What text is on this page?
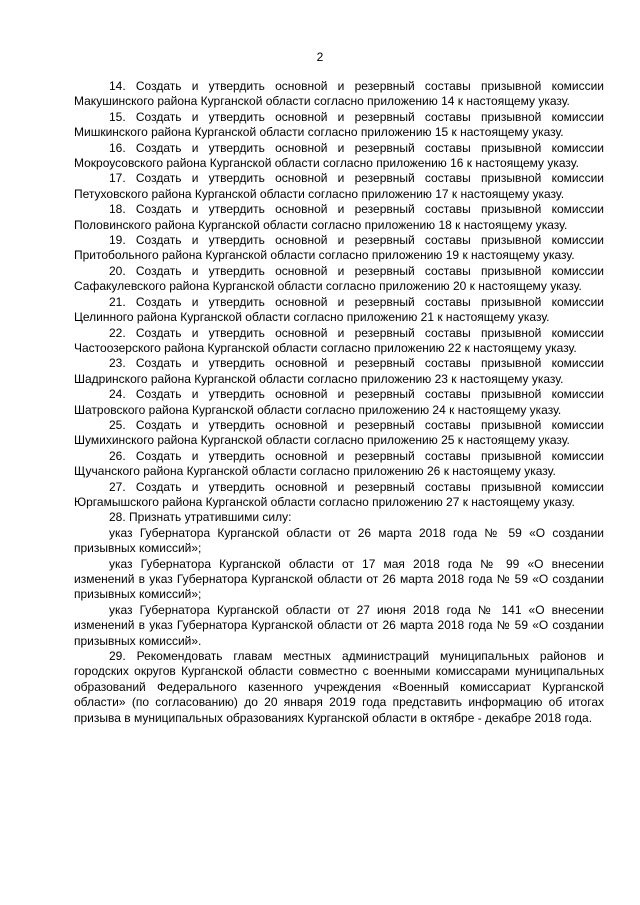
2

14. Создать и утвердить основной и резервный составы призывной комиссии Макушинского района Курганской области согласно приложению 14 к настоящему указу.

15. Создать и утвердить основной и резервный составы призывной комиссии Мишкинского района Курганской области согласно приложению 15 к настоящему указу.

16. Создать и утвердить основной и резервный составы призывной комиссии Мокроусовского района Курганской области согласно приложению 16 к настоящему указу.

17. Создать и утвердить основной и резервный составы призывной комиссии Петуховского района Курганской области согласно приложению 17 к настоящему указу.

18. Создать и утвердить основной и резервный составы призывной комиссии Половинского района Курганской области согласно приложению 18 к настоящему указу.

19. Создать и утвердить основной и резервный составы призывной комиссии Притобольного района Курганской области согласно приложению 19 к настоящему указу.

20. Создать и утвердить основной и резервный составы призывной комиссии Сафакулевского района Курганской области согласно приложению 20 к настоящему указу.

21. Создать и утвердить основной и резервный составы призывной комиссии Целинного района Курганской области согласно приложению 21 к настоящему указу.

22. Создать и утвердить основной и резервный составы призывной комиссии Частоозерского района Курганской области согласно приложению 22 к настоящему указу.

23. Создать и утвердить основной и резервный составы призывной комиссии Шадринского района Курганской области согласно приложению 23 к настоящему указу.

24. Создать и утвердить основной и резервный составы призывной комиссии Шатровского района Курганской области согласно приложению 24 к настоящему указу.

25. Создать и утвердить основной и резервный составы призывной комиссии Шумихинского района Курганской области согласно приложению 25 к настоящему указу.

26. Создать и утвердить основной и резервный составы призывной комиссии Щучанского района Курганской области согласно приложению 26 к настоящему указу.

27. Создать и утвердить основной и резервный составы призывной комиссии Юргамышского района Курганской области согласно приложению 27 к настоящему указу.

28. Признать утратившими силу:

указ Губернатора Курганской области от 26 марта 2018 года № 59 «О создании призывных комиссий»;

указ Губернатора Курганской области от 17 мая 2018 года № 99 «О внесении изменений в указ Губернатора Курганской области от 26 марта 2018 года № 59 «О создании призывных комиссий»;

указ Губернатора Курганской области от 27 июня 2018 года № 141 «О внесении изменений в указ Губернатора Курганской области от 26 марта 2018 года № 59 «О создании призывных комиссий».

29. Рекомендовать главам местных администраций муниципальных районов и городских округов Курганской области совместно с военными комиссарами муниципальных образований Федерального казенного учреждения «Военный комиссариат Курганской области» (по согласованию) до 20 января 2019 года представить информацию об итогах призыва в муниципальных образованиях Курганской области в октябре - декабре 2018 года.
